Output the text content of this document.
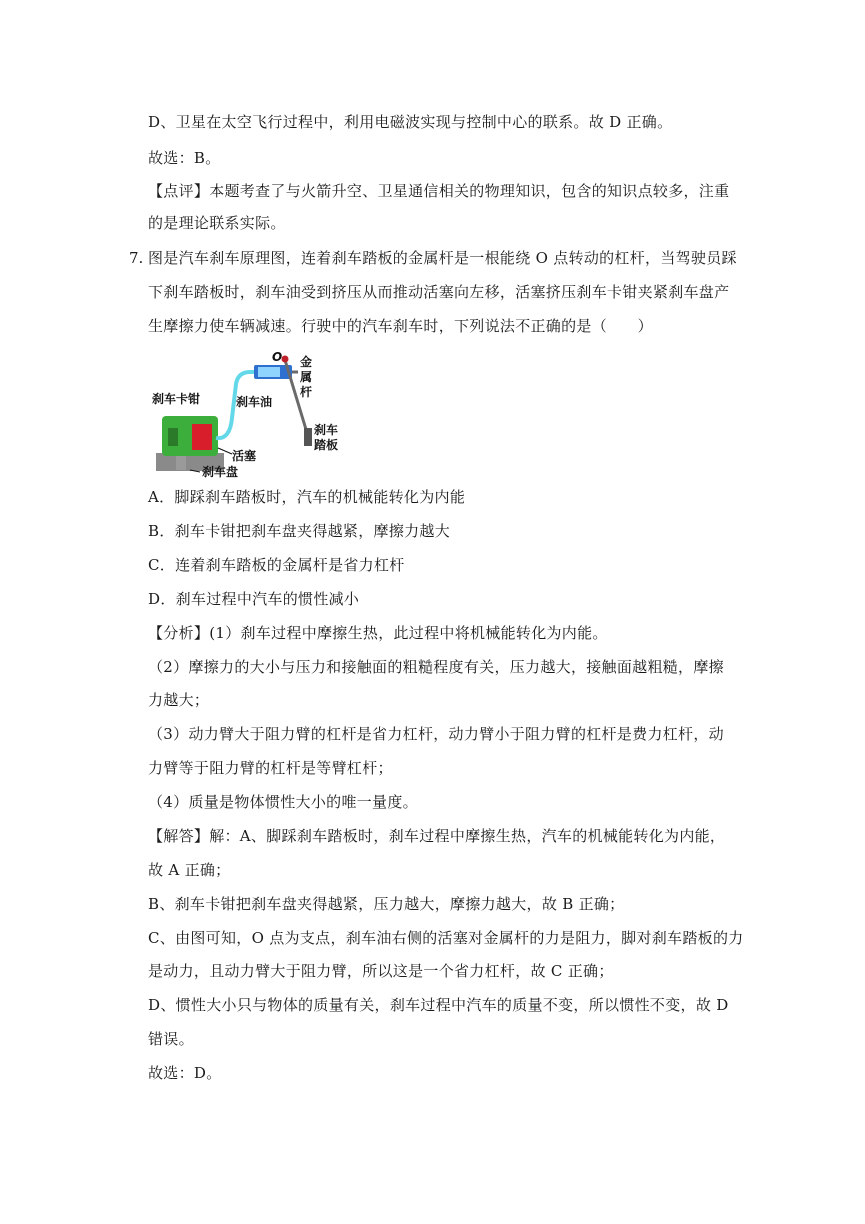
D、卫星在太空飞行过程中，利用电磁波实现与控制中心的联系。故 D 正确。
故选：B。
【点评】本题考查了与火箭升空、卫星通信相关的物理知识，包含的知识点较多，注重
的是理论联系实际。
7. 图是汽车刹车原理图，连着刹车踏板的金属杆是一根能绕 O 点转动的杠杆，当驾驶员踩
下刹车踏板时，刹车油受到挤压从而推动活塞向左移，活塞挤压刹车卡钳夹紧刹车盘产
生摩擦力使车辆减速。行驶中的汽车刹车时，下列说法不正确的是（　　）
O
刹车卡钳	刹车油
金
属
杆
刹车
踏板
活塞
刹车盘
A．脚踩刹车踏板时，汽车的机械能转化为内能
B．刹车卡钳把刹车盘夹得越紧，摩擦力越大
C．连着刹车踏板的金属杆是省力杠杆
D．刹车过程中汽车的惯性减小
【分析】(1）刹车过程中摩擦生热，此过程中将机械能转化为内能。
（2）摩擦力的大小与压力和接触面的粗糙程度有关，压力越大，接触面越粗糙，摩擦
力越大；
（3）动力臂大于阻力臂的杠杆是省力杠杆，动力臂小于阻力臂的杠杆是费力杠杆，动
力臂等于阻力臂的杠杆是等臂杠杆；
（4）质量是物体惯性大小的唯一量度。
【解答】解：A、脚踩刹车踏板时，刹车过程中摩擦生热，汽车的机械能转化为内能，
故 A 正确；
B、刹车卡钳把刹车盘夹得越紧，压力越大，摩擦力越大，故 B 正确；
C、由图可知，O 点为支点，刹车油右侧的活塞对金属杆的力是阻力，脚对刹车踏板的力
是动力，且动力臂大于阻力臂，所以这是一个省力杠杆，故 C 正确；
D、惯性大小只与物体的质量有关，刹车过程中汽车的质量不变，所以惯性不变，故 D
错误。
故选：D。
